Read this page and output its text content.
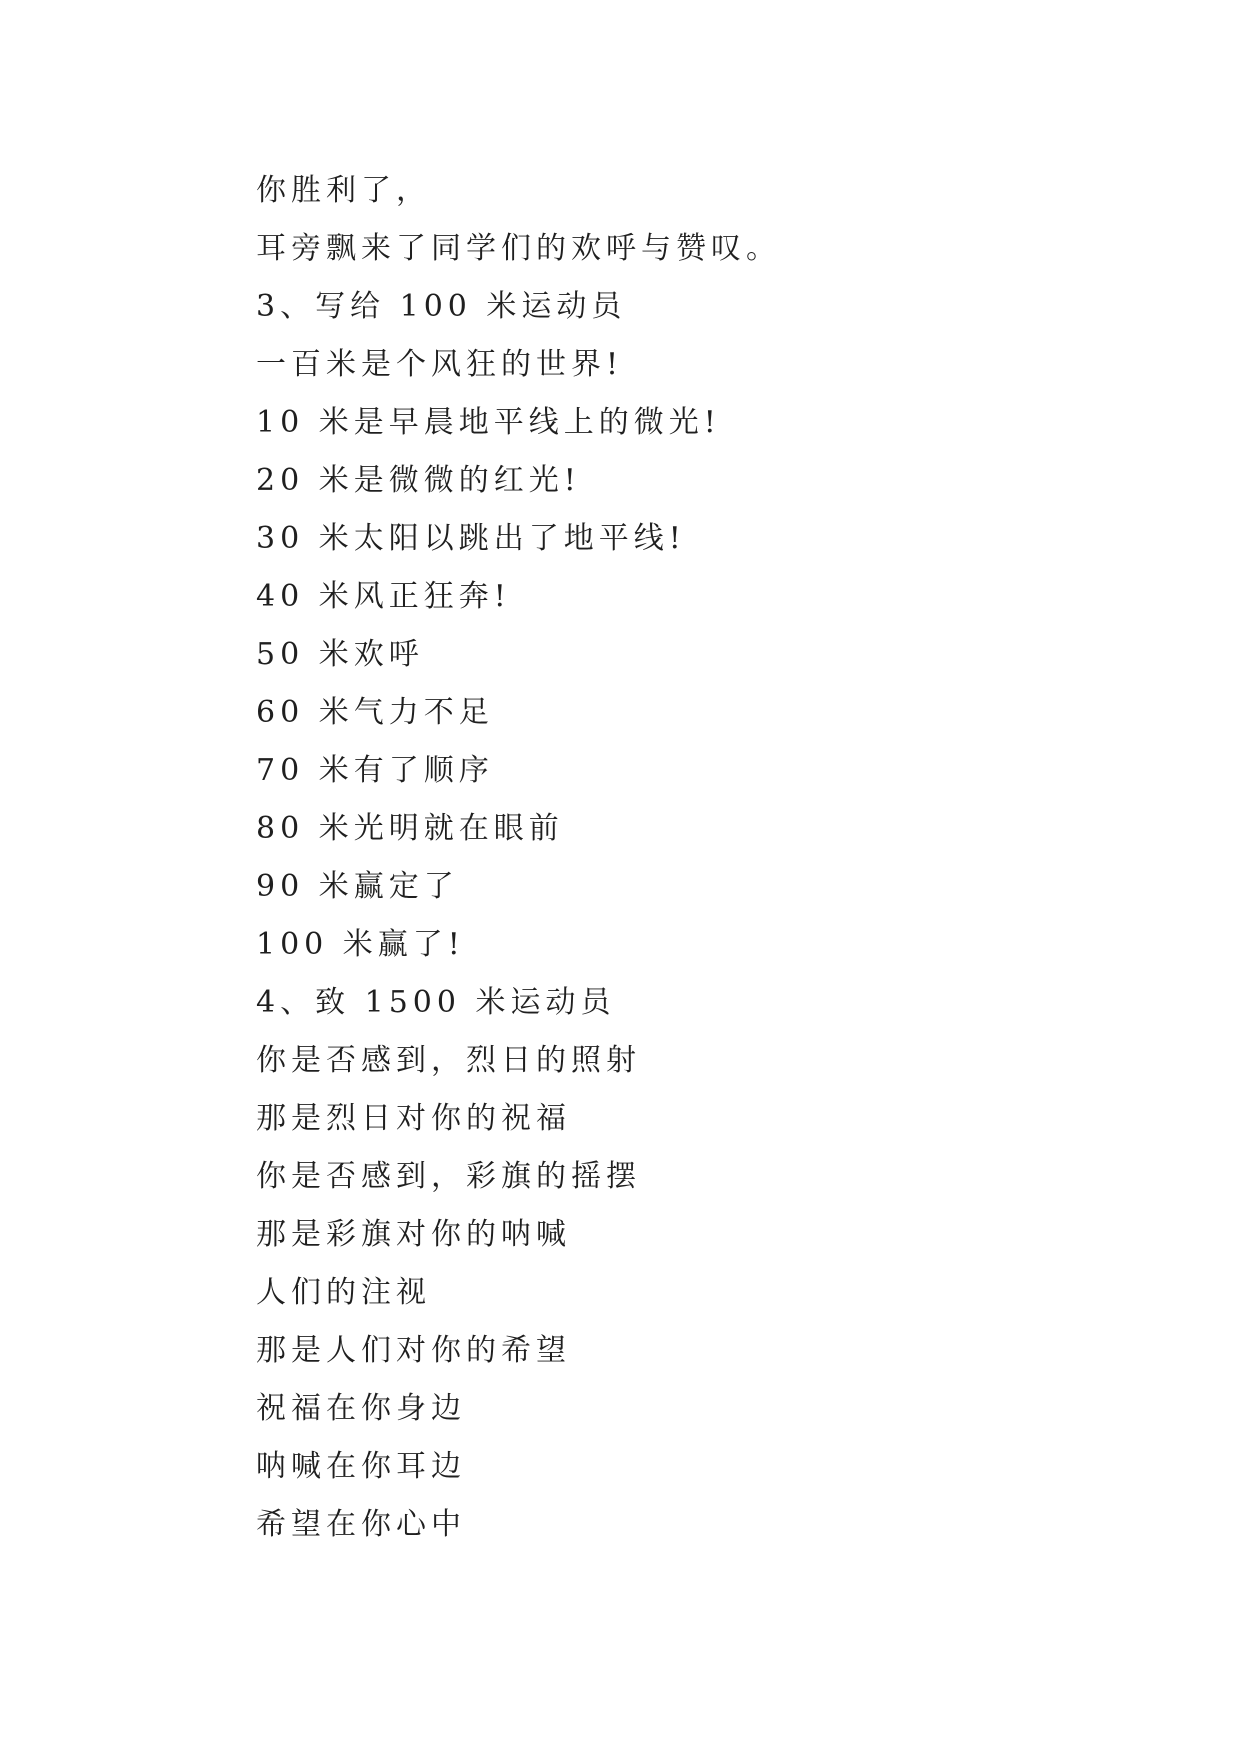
你胜利了，

耳旁飘来了同学们的欢呼与赞叹。

3、写给 100 米运动员

一百米是个风狂的世界!

10 米是早晨地平线上的微光!

20 米是微微的红光!

30 米太阳以跳出了地平线!

40 米风正狂奔!

50 米欢呼

60 米气力不足

70 米有了顺序

80 米光明就在眼前

90 米赢定了

100 米赢了!

4、致 1500 米运动员

你是否感到，烈日的照射

那是烈日对你的祝福

你是否感到，彩旗的摇摆

那是彩旗对你的呐喊

人们的注视

那是人们对你的希望

祝福在你身边

呐喊在你耳边

希望在你心中
